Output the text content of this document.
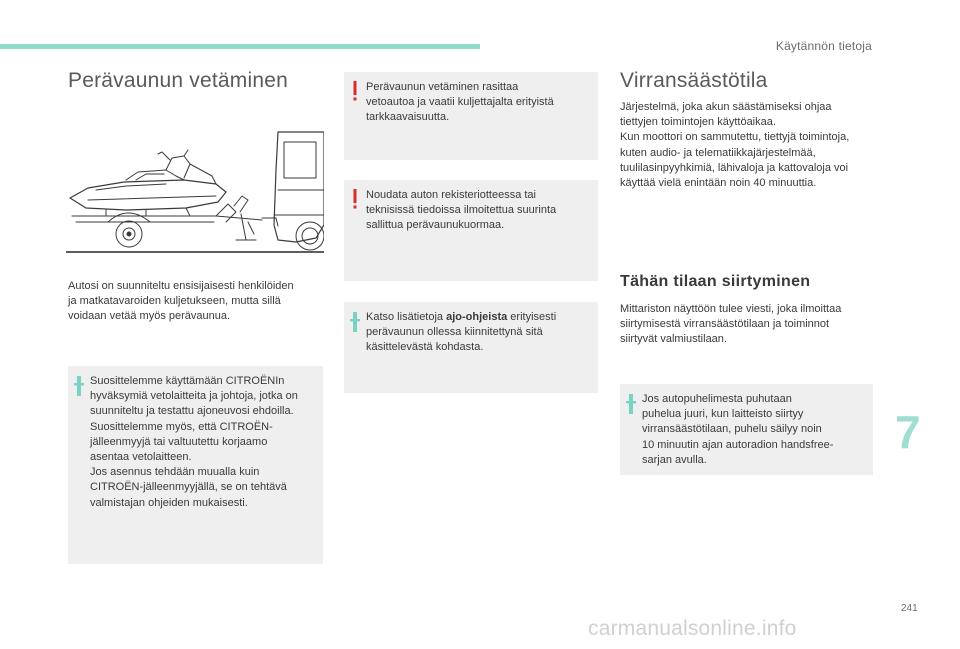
Käytännön tietoja
Perävaunun vetäminen
Autosi on suunniteltu ensisijaisesti henkilöiden
ja matkatavaroiden kuljetukseen, mutta sillä
voidaan vetää myös perävaunua.
Suosittelemme käyttämään CITROËNIn
hyväksymiä vetolaitteita ja johtoja, jotka on
suunniteltu ja testattu ajoneuvosi ehdoilla.
Suosittelemme myös, että CITROËN-
jälleenmyyjä tai valtuutettu korjaamo
asentaa vetolaitteen.
Jos asennus tehdään muualla kuin
CITROËN-jälleenmyyjällä, se on tehtävä
valmistajan ohjeiden mukaisesti.
Perävaunun vetäminen rasittaa
vetoautoa ja vaatii kuljettajalta erityistä
tarkkaavaisuutta.
Noudata auton rekisteriotteessa tai
teknisissä tiedoissa ilmoitettua suurinta
sallittua perävaunukuormaa.
Katso lisätietoja ajo-ohjeista erityisesti
perävaunun ollessa kiinnitettynä sitä
käsittelevästä kohdasta.
Virransäästötila
Järjestelmä, joka akun säästämiseksi ohjaa
tiettyjen toimintojen käyttöaikaa.
Kun moottori on sammutettu, tiettyjä toimintoja,
kuten audio- ja telematiikkajärjestelmää,
tuulilasinpyyhkimiä, lähivaloja ja kattovaloja voi
käyttää vielä enintään noin 40 minuuttia.
Tähän tilaan siirtyminen
Mittariston näyttöön tulee viesti, joka ilmoittaa
siirtymisestä virransäästötilaan ja toiminnot
siirtyvät valmiustilaan.
Jos autopuhelimesta puhutaan
puhelua juuri, kun laitteisto siirtyy
virransäästötilaan, puhelu säilyy noin
10 minuutin ajan autoradion handsfree-
sarjan avulla.
7
241
carmanualsonline.info
